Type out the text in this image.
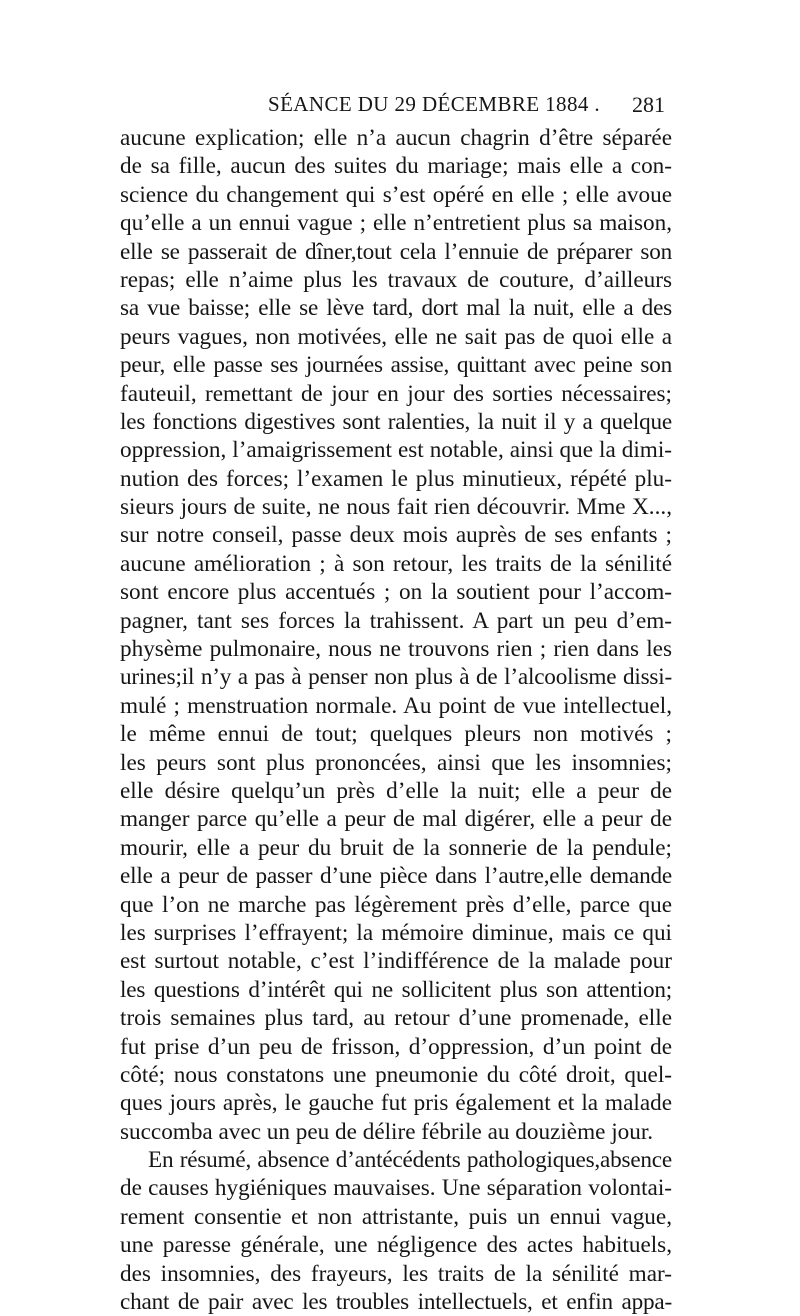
SÉANCE DU 29 DÉCEMBRE 1884 . 281
aucune explication; elle n’a aucun chagrin d’être séparée
de sa fille, aucun des suites du mariage; mais elle a con-
science du changement qui s’est opéré en elle ; elle avoue
qu’elle a un ennui vague ; elle n’entretient plus sa maison,
elle se passerait de dîner,tout cela l’ennuie de préparer son
repas; elle n’aime plus les travaux de couture, d’ailleurs
sa vue baisse; elle se lève tard, dort mal la nuit, elle a des
peurs vagues, non motivées, elle ne sait pas de quoi elle a
peur, elle passe ses journées assise, quittant avec peine son
fauteuil, remettant de jour en jour des sorties nécessaires;
les fonctions digestives sont ralenties, la nuit il y a quelque
oppression, l’amaigrissement est notable, ainsi que la dimi-
nution des forces; l’examen le plus minutieux, répété plu-
sieurs jours de suite, ne nous fait rien découvrir. Mme X...,
sur notre conseil, passe deux mois auprès de ses enfants ;
aucune amélioration ; à son retour, les traits de la sénilité
sont encore plus accentués ; on la soutient pour l’accom-
pagner, tant ses forces la trahissent. A part un peu d’em-
physème pulmonaire, nous ne trouvons rien ; rien dans les
urines;il n’y a pas à penser non plus à de l’alcoolisme dissi-
mulé ; menstruation normale. Au point de vue intellectuel,
le même ennui de tout; quelques pleurs non motivés ;
les peurs sont plus prononcées, ainsi que les insomnies;
elle désire quelqu’un près d’elle la nuit; elle a peur de
manger parce qu’elle a peur de mal digérer, elle a peur de
mourir, elle a peur du bruit de la sonnerie de la pendule;
elle a peur de passer d’une pièce dans l’autre,elle demande
que l’on ne marche pas légèrement près d’elle, parce que
les surprises l’effrayent; la mémoire diminue, mais ce qui
est surtout notable, c’est l’indifférence de la malade pour
les questions d’intérêt qui ne sollicitent plus son attention;
trois semaines plus tard, au retour d’une promenade, elle
fut prise d’un peu de frisson, d’oppression, d’un point de
côté; nous constatons une pneumonie du côté droit, quel-
ques jours après, le gauche fut pris également et la malade
succomba avec un peu de délire fébrile au douzième jour.
En résumé, absence d’antécédents pathologiques,absence
de causes hygiéniques mauvaises. Une séparation volontai-
rement consentie et non attristante, puis un ennui vague,
une paresse générale, une négligence des actes habituels,
des insomnies, des frayeurs, les traits de la sénilité mar-
chant de pair avec les troubles intellectuels, et enfin appa-
